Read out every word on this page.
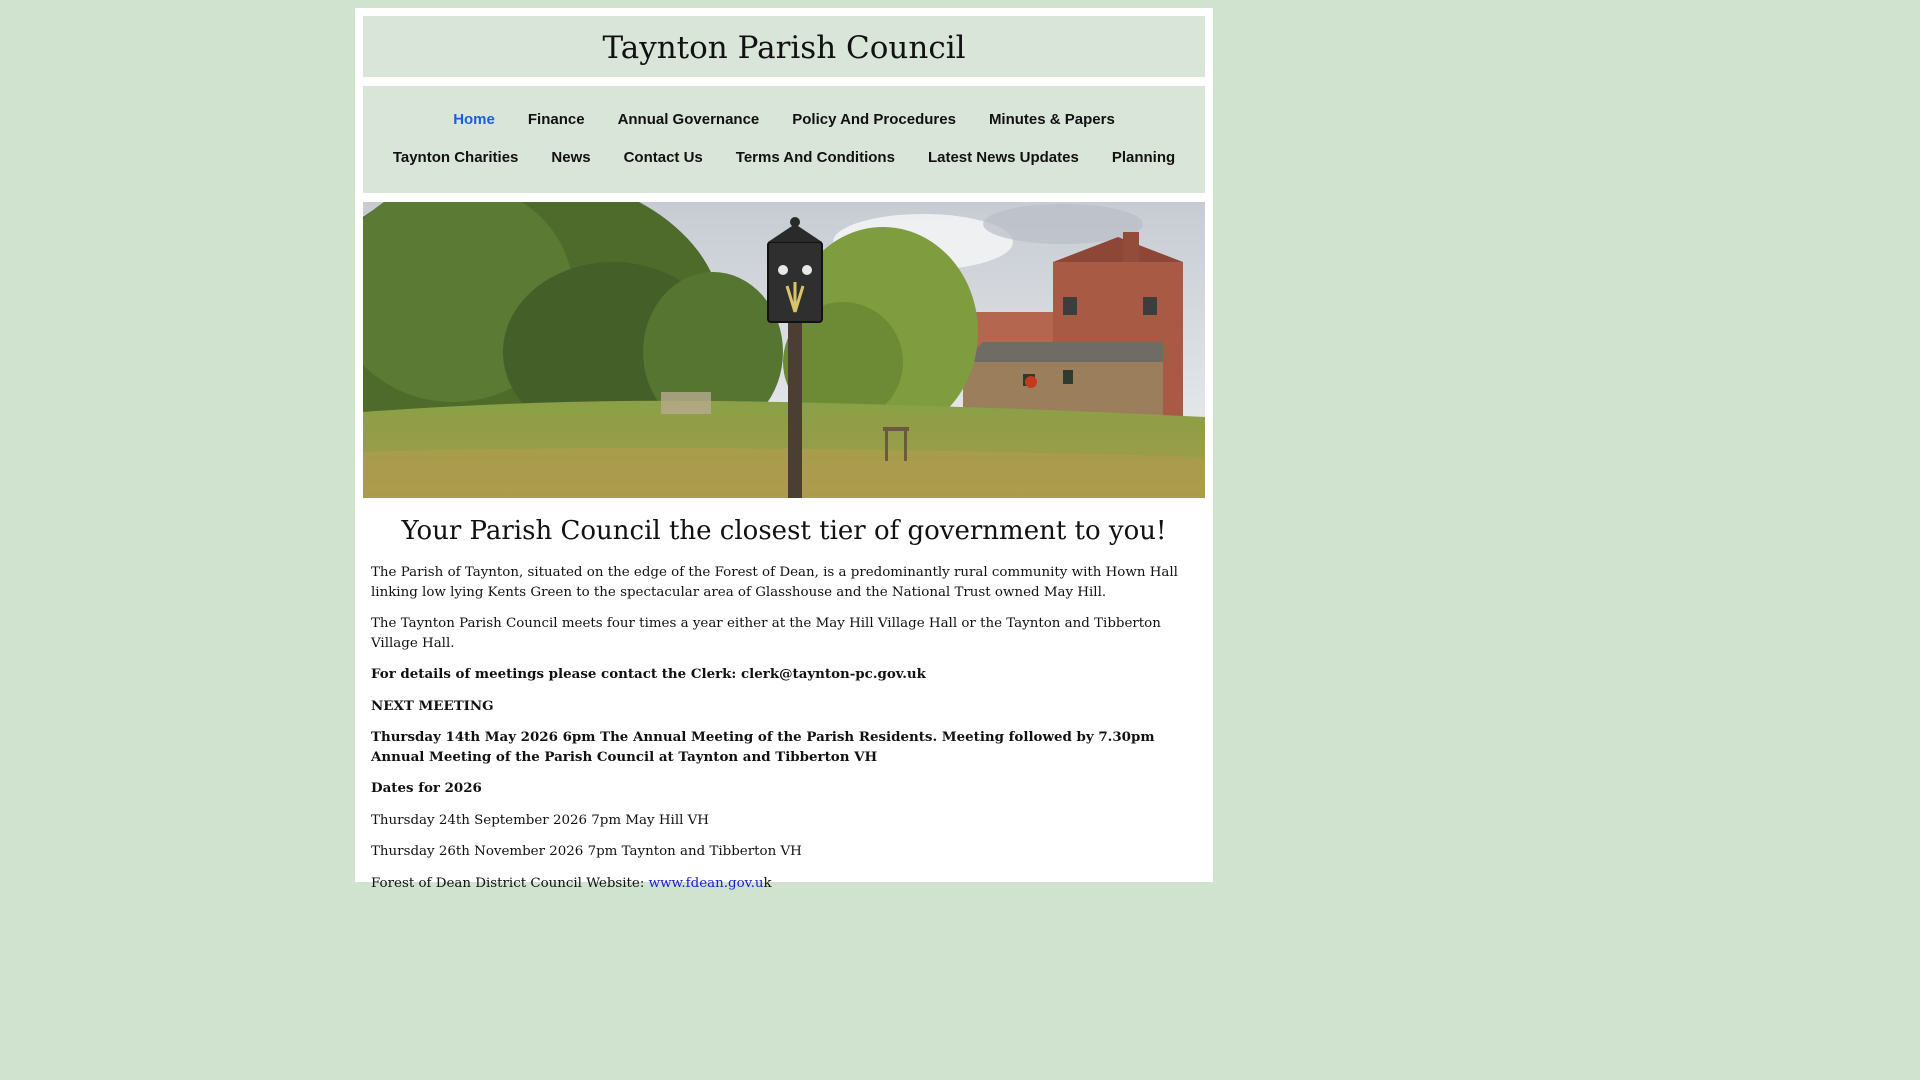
Taynton Parish Council
Home Finance Annual Governance Policy And Procedures Minutes & Papers
Taynton Charities News Contact Us Terms And Conditions Latest News Updates Planning
Your Parish Council the closest tier of government to you!

The Parish of Taynton, situated on the edge of the Forest of Dean, is a predominantly rural community with Hown Hall linking low lying Kents Green to the spectacular area of Glasshouse and the National Trust owned May Hill.

The Taynton Parish Council meets four times a year either at the May Hill Village Hall or the Taynton and Tibberton Village Hall.

For details of meetings please contact the Clerk: clerk@taynton-pc.gov.uk

NEXT MEETING

Thursday 14th May 2026 6pm The Annual Meeting of the Parish Residents. Meeting followed by 7.30pm Annual Meeting of the Parish Council at Taynton and Tibberton VH

Dates for 2026

Thursday 24th September 2026 7pm May Hill VH

Thursday 26th November 2026 7pm Taynton and Tibberton VH

Forest of Dean District Council Website: www.fdean.gov.uk
